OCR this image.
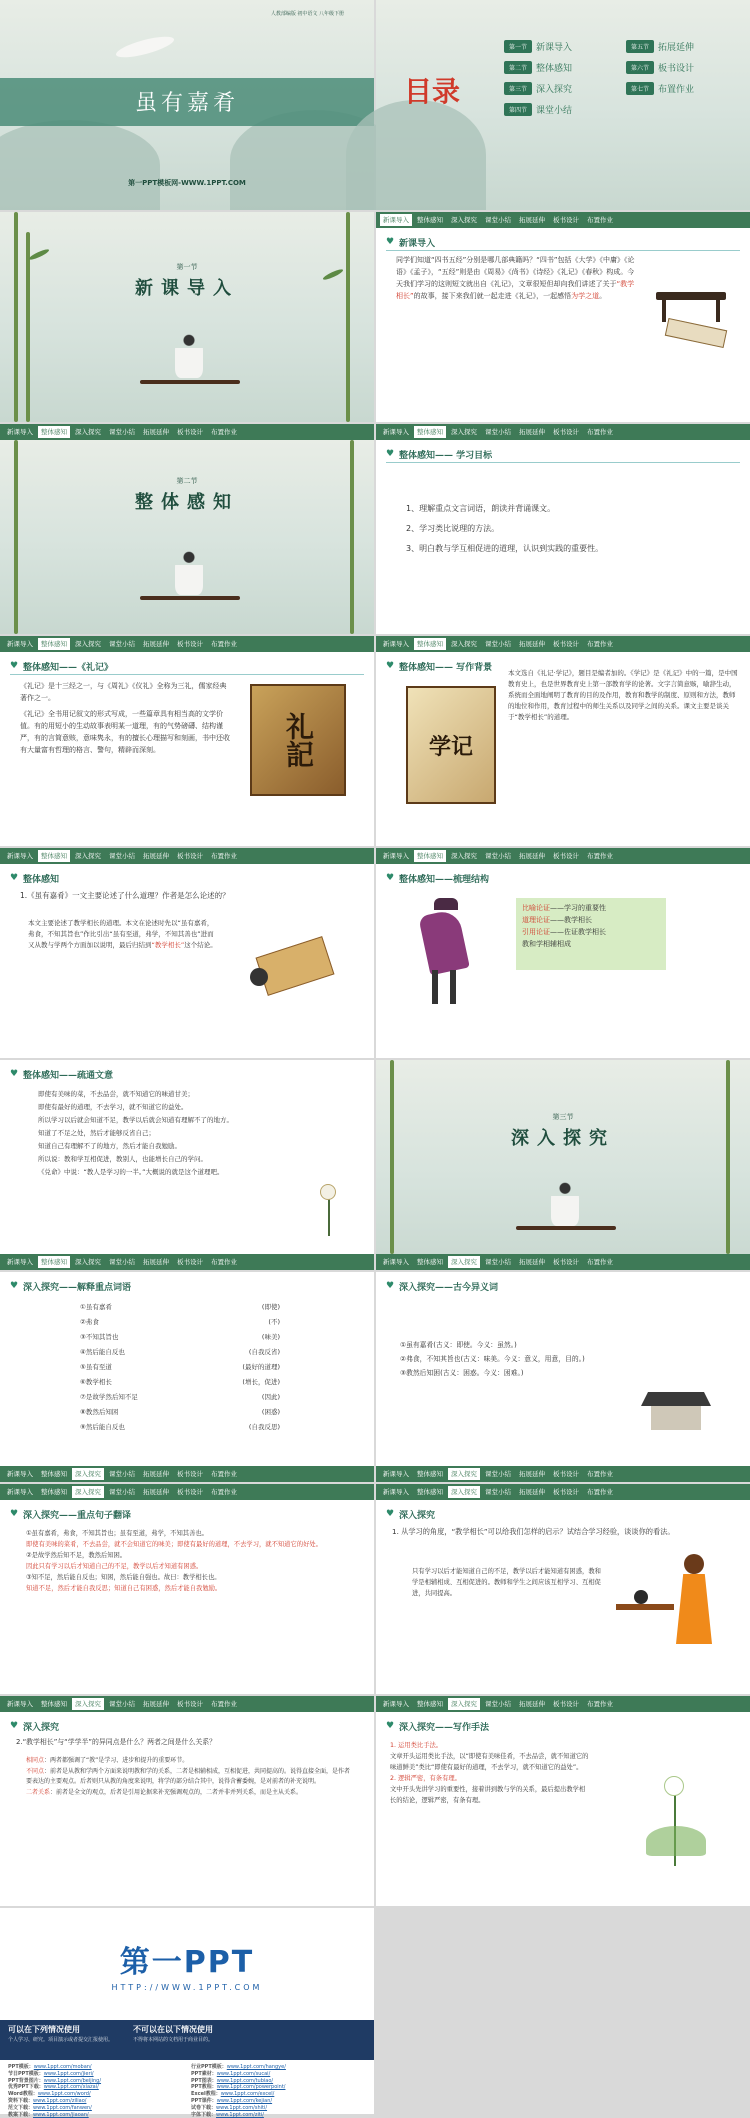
人教部编版 初中语文 八年级下册
虽有嘉肴
第一PPT模板网-WWW.1PPT.COM
目录
第一节	新课导入
第二节	整体感知
第三节	深入探究
第四节	课堂小结
第五节	拓展延伸
第六节	板书设计
第七节	布置作业
第一节
新课导入
新课导入	整体感知	深入探究	课堂小结	拓展延伸	板书设计	布置作业
♥ 新课导入
同学们知道“四书五经”分别是哪几部典籍吗？“四书”包括《大学》《中庸》《论语》《孟子》，“五经”则是由《周易》《尚书》《诗经》《礼记》《春秋》构成。今天我们学习的这则短文就出自《礼记》，文章很短但却向我们讲述了关于“教学相长”的故事，接下来我们就一起走进《礼记》，一起感悟为学之道。
新课导入	整体感知	深入探究	课堂小结	拓展延伸	板书设计	布置作业
第二节
整体感知
新课导入	整体感知	深入探究	课堂小结	拓展延伸	板书设计	布置作业
♥ 整体感知—— 学习目标
1、理解重点文言词语，朗读并背诵课文。
2、学习类比说理的方法。
3、明白教与学互相促进的道理，认识到实践的重要性。
新课导入	整体感知	深入探究	课堂小结	拓展延伸	板书设计	布置作业
♥ 整体感知——《礼记》

《礼记》是十三经之一，与《周礼》《仪礼》全称为三礼，儒家经典著作之一。

《礼记》全书用记叙文的形式写成，一些篇章具有相当高的文学价值。有的用短小的生动故事表明某一道理，有的气势磅礴、结构谨严，有的言简意赅，意味隽永，有的擅长心理描写和刻画，书中还收有大量富有哲理的格言、警句，精辟而深刻。	礼記
新课导入	整体感知	深入探究	课堂小结	拓展延伸	板书设计	布置作业
♥ 整体感知—— 写作背景
学记
本文选自《礼记·学记》，题目是编者加的。《学记》是《礼记》中的一篇，是中国教育史上，也是世界教育史上第一部教育学的论著。文字言简意赅，喻辞生动，系统而全面地阐明了教育的目的及作用，教育和教学的制度、原则和方法，教师的地位和作用，教育过程中的师生关系以及同学之间的关系。课文主要是谈关于“教学相长”的道理。
新课导入	整体感知	深入探究	课堂小结	拓展延伸	板书设计	布置作业
♥ 整体感知
1.《虽有嘉肴》一文主要论述了什么道理？作者是怎么论述的？
本文主要论述了教学相长的道理。本文在论述时先以“虽有嘉肴，弗食，不知其旨也”作比引出“虽有至道，弗学，不知其善也”进而又从教与学两个方面加以说明，最后归结到“教学相长”这个结论。
新课导入	整体感知	深入探究	课堂小结	拓展延伸	板书设计	布置作业
♥ 整体感知——梳理结构
比喻论证——学习的重要性
道理论证——教学相长
引用论证——佐证教学相长
教和学相辅相成
♥ 整体感知——疏通文意
即使有美味的菜，不去品尝，就不知道它的味道甘美；
即使有最好的道理，不去学习，就不知道它的益处。
所以学习以后就会知道不足，教学以后就会知道有理解不了的地方。
知道了不足之处，然后才能够反省自己；
知道自己有理解不了的地方，然后才能自我勉励。
所以说：教和学互相促进，教别人，也能增长自己的学问。
《兑命》中说：“教人是学习的一半。”大概说的就是这个道理吧。
新课导入	整体感知	深入探究	课堂小结	拓展延伸	板书设计	布置作业
第三节
深入探究
新课导入	整体感知	深入探究	课堂小结	拓展延伸	板书设计	布置作业
♥ 深入探究——解释重点词语
①虽有嘉肴	(即使)
②弗食	(不)
③不知其旨也	(味美)
④然后能自反也	(自我反省)
⑤虽有至道	(最好的道理)
⑥教学相长	(增长，促进)
⑦是故学然后知不足	(因此)
⑧教然后知困	(困惑)
⑨然后能自反也	(自我反思)
新课导入	整体感知	深入探究	课堂小结	拓展延伸	板书设计	布置作业
♥ 深入探究——古今异义词
①虽有嘉肴(古义：即使。今义：虽然。)
②弗食，不知其旨也(古义：味美。今义：意义，用意，目的。)
③教然后知困(古义：困惑。今义：困难。)
新课导入	整体感知	深入探究	课堂小结	拓展延伸	板书设计	布置作业
新课导入	整体感知	深入探究	课堂小结	拓展延伸	板书设计	布置作业
♥ 深入探究——重点句子翻译
①虽有嘉肴，弗食，不知其旨也；虽有至道，弗学，不知其善也。
即使有美味的菜肴，不去品尝，就不会知道它的味美；即使有最好的道理，不去学习，就不知道它的好处。
②是故学然后知不足，教然后知困。
因此只有学习以后才知道自己的不足，教学以后才知道有困惑。
③知不足，然后能自反也；知困，然后能自强也。故曰：教学相长也。
知道不足，然后才能自我反思；知道自己有困惑，然后才能自我勉励。
新课导入	整体感知	深入探究	课堂小结	拓展延伸	板书设计	布置作业
♥ 深入探究
1. 从学习的角度，“教学相长”可以给我们怎样的启示？试结合学习经验，谈谈你的看法。
只有学习以后才能知道自己的不足，教学以后才能知道有困惑，教和学是相辅相成、互相促进的。教师和学生之间应该互相学习、互相促进，共同提高。
新课导入	整体感知	深入探究	课堂小结	拓展延伸	板书设计	布置作业
♥ 深入探究
2.“教学相长”与“学学半”的异同点是什么？两者之间是什么关系？

相同点：两者都强调了“教”是学习、进步和提升的重要环节。

不同点：前者是从教和学两个方面来说明教和学的关系，二者是相辅相成，互相促进，共同提高的。说得直接全面，是作者要表达的主要观点。后者则只从教的角度来说明，将学的部分结合其中，说得含蓄委婉，是对前者的补充说明。

二者关系：前者是全文的观点，后者是引用论据来补充强调观点的，二者并非并列关系，而是主从关系。

新课导入	整体感知	深入探究	课堂小结	拓展延伸	板书设计	布置作业
♥ 深入探究——写作手法
1. 运用类比手法。
文章开头运用类比手法，以“即使有美味佳肴，不去品尝，就不知道它的味道鲜美”类比“即使有最好的道理，不去学习，就不知道它的益处”。
2. 逻辑严密，有条有理。
文中开头先讲学习的重要性，接着讲到教与学的关系，最后提出教学相长的结论，逻辑严密，有条有理。
第一PPT
HTTP://WWW.1PPT.COM
可以在下列情况使用

个人学习、研究。项目演示或者提交汇报使用。

不可以在以下情况使用

不得将本网站的文档用于商业目的。

PPT模板：www.1ppt.com/moban/
节日PPT模板：www.1ppt.com/jieri/
PPT背景图片：www.1ppt.com/beijing/
优秀PPT下载：www.1ppt.com/xiazai/
Word教程：www.1ppt.com/word/
资料下载：www.1ppt.com/ziliao/
范文下载：www.1ppt.com/fanwen/
教案下载：www.1ppt.com/jiaoan/
行业PPT模板：www.1ppt.com/hangye/
PPT素材：www.1ppt.com/sucai/
PPT图表：www.1ppt.com/tubiao/
PPT教程：www.1ppt.com/powerpoint/
Excel教程：www.1ppt.com/excel/
PPT课件：www.1ppt.com/kejian/
试卷下载：www.1ppt.com/shiti/
字体下载：www.1ppt.com/ziti/
